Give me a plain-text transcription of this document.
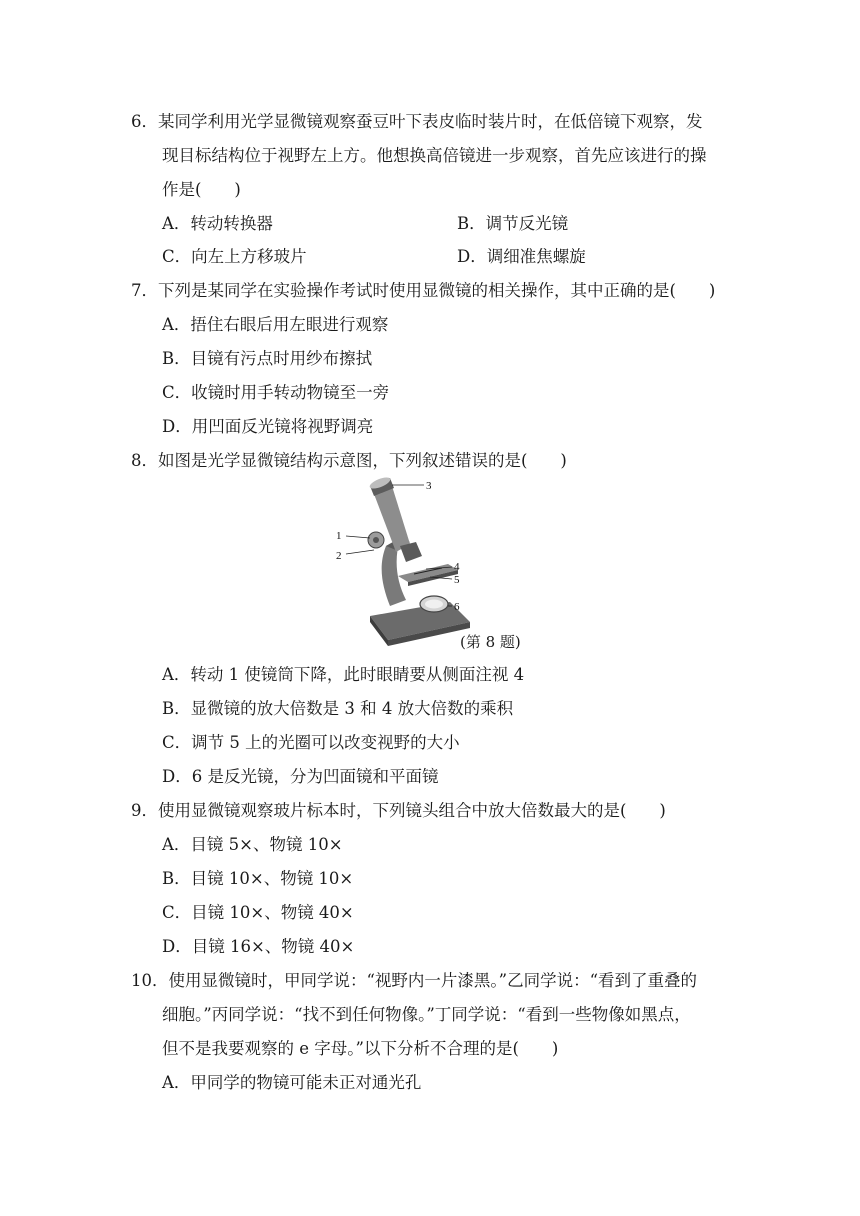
6．某同学利用光学显微镜观察蚕豆叶下表皮临时装片时，在低倍镜下观察，发
现目标结构位于视野左上方。他想换高倍镜进一步观察，首先应该进行的操
作是(　　)
A．转动转换器	B．调节反光镜
C．向左上方移玻片	D．调细准焦螺旋
7．下列是某同学在实验操作考试时使用显微镜的相关操作，其中正确的是(　　)
A．捂住右眼后用左眼进行观察
B．目镜有污点时用纱布擦拭
C．收镜时用手转动物镜至一旁
D．用凹面反光镜将视野调亮
8．如图是光学显微镜结构示意图，下列叙述错误的是(　　)
1
2
3
4
5
6
(第 8 题)
A．转动 1 使镜筒下降，此时眼睛要从侧面注视 4
B．显微镜的放大倍数是 3 和 4 放大倍数的乘积
C．调节 5 上的光圈可以改变视野的大小
D．6 是反光镜，分为凹面镜和平面镜
9．使用显微镜观察玻片标本时，下列镜头组合中放大倍数最大的是(　　)
A．目镜 5×、物镜 10×
B．目镜 10×、物镜 10×
C．目镜 10×、物镜 40×
D．目镜 16×、物镜 40×
10．使用显微镜时，甲同学说：“视野内一片漆黑。”乙同学说：“看到了重叠的
细胞。”丙同学说：“找不到任何物像。”丁同学说：“看到一些物像如黑点，
但不是我要观察的 e 字母。”以下分析不合理的是(　　)
A．甲同学的物镜可能未正对通光孔
